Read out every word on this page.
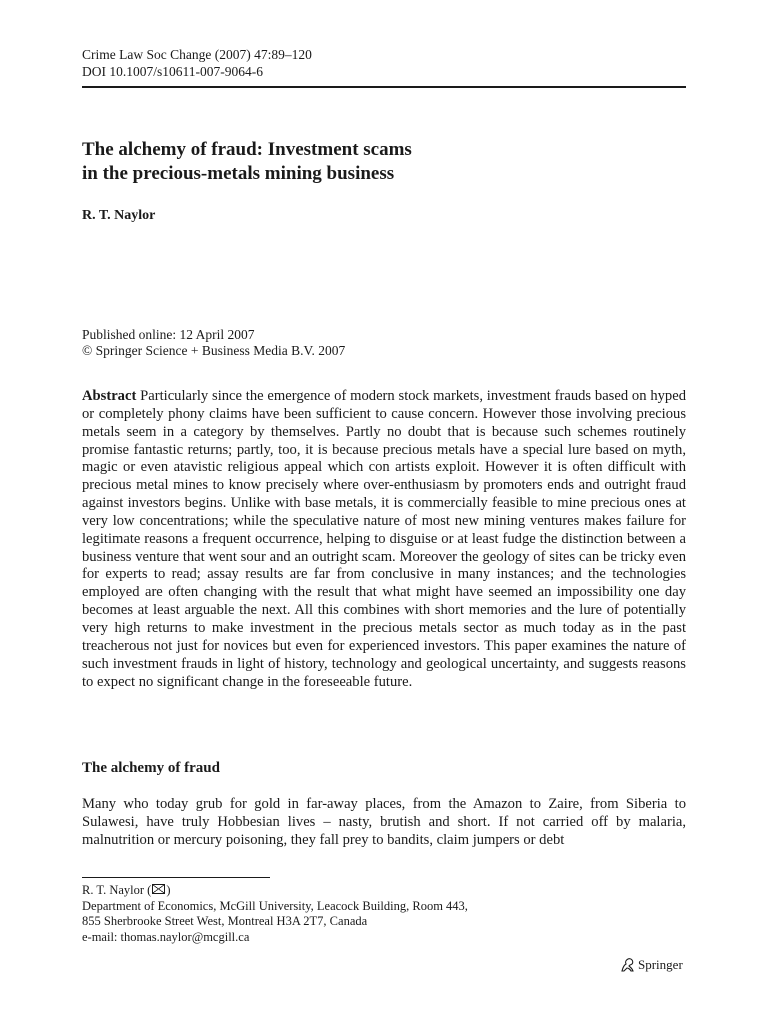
Crime Law Soc Change (2007) 47:89–120
DOI 10.1007/s10611-007-9064-6
The alchemy of fraud: Investment scams
in the precious-metals mining business
R. T. Naylor
Published online: 12 April 2007
© Springer Science + Business Media B.V. 2007

Abstract Particularly since the emergence of modern stock markets, investment frauds based on hyped or completely phony claims have been sufficient to cause concern. However those involving precious metals seem in a category by themselves. Partly no doubt that is because such schemes routinely promise fantastic returns; partly, too, it is because precious metals have a special lure based on myth, magic or even atavistic religious appeal which con artists exploit. However it is often difficult with precious metal mines to know precisely where over-enthusiasm by promoters ends and outright fraud against investors begins. Unlike with base metals, it is commercially feasible to mine precious ones at very low concentrations; while the speculative nature of most new mining ventures makes failure for legitimate reasons a frequent occurrence, helping to disguise or at least fudge the distinction between a business venture that went sour and an outright scam. Moreover the geology of sites can be tricky even for experts to read; assay results are far from conclusive in many instances; and the technologies employed are often changing with the result that what might have seemed an impossibility one day becomes at least arguable the next. All this combines with short memories and the lure of potentially very high returns to make investment in the precious metals sector as much today as in the past treacherous not just for novices but even for experienced investors. This paper examines the nature of such investment frauds in light of history, technology and geological uncertainty, and suggests reasons to expect no significant change in the foreseeable future.

The alchemy of fraud

Many who today grub for gold in far-away places, from the Amazon to Zaire, from Siberia to Sulawesi, have truly Hobbesian lives – nasty, brutish and short. If not carried off by malaria, malnutrition or mercury poisoning, they fall prey to bandits, claim jumpers or debt

R. T. Naylor ( )
Department of Economics, McGill University, Leacock Building, Room 443,
855 Sherbrooke Street West, Montreal H3A 2T7, Canada
e-mail: thomas.naylor@mcgill.ca
Springer
